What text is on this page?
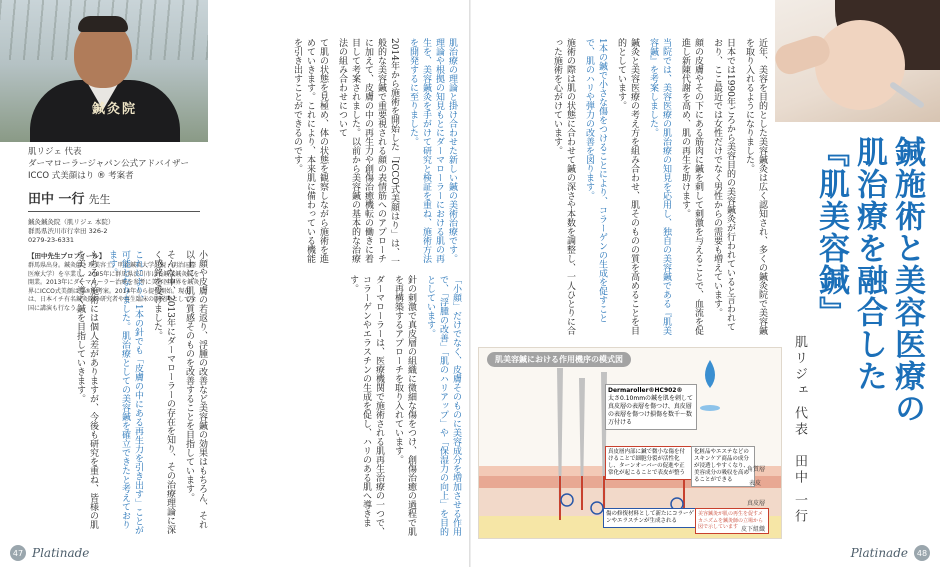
鍼灸院

肌リジェ 代表

ダーマローラージャパン公式アドバイザー

ICCO 式美顔はり ® 考案者

田中 一行 先生
鍼灸鍼灸院（肌リジェ 本院）
群馬県渋川市行幸田 326-2
0279-23-6331
【田中先生プロフィール】
群馬県出身。鍼灸師・理美容士。明治鍼灸大学（現・明治国際医療大学）を卒業し、2005年に群馬県渋川市にて鍼灸鍼灸院を開業。2013年にダーマローラー治療を参考に美容医療界を鍼灸界にICCO式美顔はり®を考案。2014年から提供開始。現在は、日本イチ有名鍼灸院の研究者や再生臨床の開発陣として全国に講演も行なう。

肌治療の理論と掛け合わせた新しい鍼の美術治療です。理論や根拠の知見もとにダーマローラーにおける肌の再生を、美容鍼灸を手がけて研究と検証を重ね、施術方法を開発するに至りました。

2014年から施術を開始した「ICCO式美顔はり」は、一般的な美容鍼で重要視される顔の表情筋へのアプローチに加えて、皮膚の中の再生力や創傷治癒機転の働きに着目して考案されました。以前から美容鍼の基本的な治療法の組み合わせについて

て肌の状態を見極め、体の状態を観察しながら施術を進めていきます。これにより、本来肌に備わっている機能を引き出すことができるのです。

「小顔」だけでなく、皮膚そのものに美容成分を増加させる作用で、「浮腫の改善」「肌のハリアップ」や「保湿力の向上」を目的としています。

針の刺激で真皮層の組織に微細な傷をつけ、創傷治癒の過程で肌を再構築するアプローチを取り入れています。

ダーマローラーは、医療機関で施術される肌再生治療の一つで、コラーゲンやエラスチンの生成を促し、ハリのある肌へ導きます。

小顔や皮膚の若返り、浮腫の改善など美容鍼の効果はもちろん、それ以上に、肌の質感そのものを改善することを目指しています。

そんな中、2013年にダーマローラーの存在を知り、その治療理論に深く感銘を受けました。

これにより、1本の針でも「皮膚の中にある再生力を引き出す」ことが可能となりました。肌治療としての美容鍼を確立できたと考えております。

もちろん施術には個人差がありますが、今後も研究を重ね、皆様の肌を美しく導く鍼を目指していきます。

47 Platinade
鍼施術と美容医療の
肌治療を融合した『肌美容鍼』
肌リジェ 代表　田中 一行

近年、美容を目的とした美容鍼灸は広く認知され、多くの鍼灸院で美容鍼を取り入れるようになりました。

日本では1990年ごろから美容目的の美容鍼灸が行われていると言われており、ここ最近では女性だけでなく男性からの需要も増えています。

顔の皮膚やその下にある筋肉に鍼を刺して刺激を与えることで、血流を促進し新陳代謝を高め、肌の再生を助けます。

当院では、美容医療の肌治療の知見を応用し、独自の美容鍼である『肌美容鍼』を考案しました。

鍼灸と美容医療の考え方を組み合わせ、肌そのものの質を高めることを目的としています。

1本の鍼で小さな傷をつけることにより、コラーゲンの生成を促すことで、肌のハリや弾力の改善を図ります。

施術の際は肌の状態に合わせて鍼の深さや本数を調整し、一人ひとりに合った施術を心がけています。

肌美容鍼における作用機序の模式図
Dermaroller®HC902®
太さ0.10mmの鍼を肌を刺して真皮層の表層を傷つけ、真皮層の表層を傷つけ損傷を数千～数万付ける
真皮層内部に鍼で微小な傷を付けることで細胞分裂が活性化し、ターンオーバーの促進や正常化が起こることで表皮が整う
化粧品やエステなどのスキンケア商品の成分が浸透しやすくなり、美容成分の吸収を高めることができる
傷の修復材料として新たにコラーゲンやエラスチンが生成される
美容鍼灸が肌の再生を促すメカニズムを鍼灸師の立場から図で示しています
角質層
表皮
真皮層
皮下組織
Platinade	48
